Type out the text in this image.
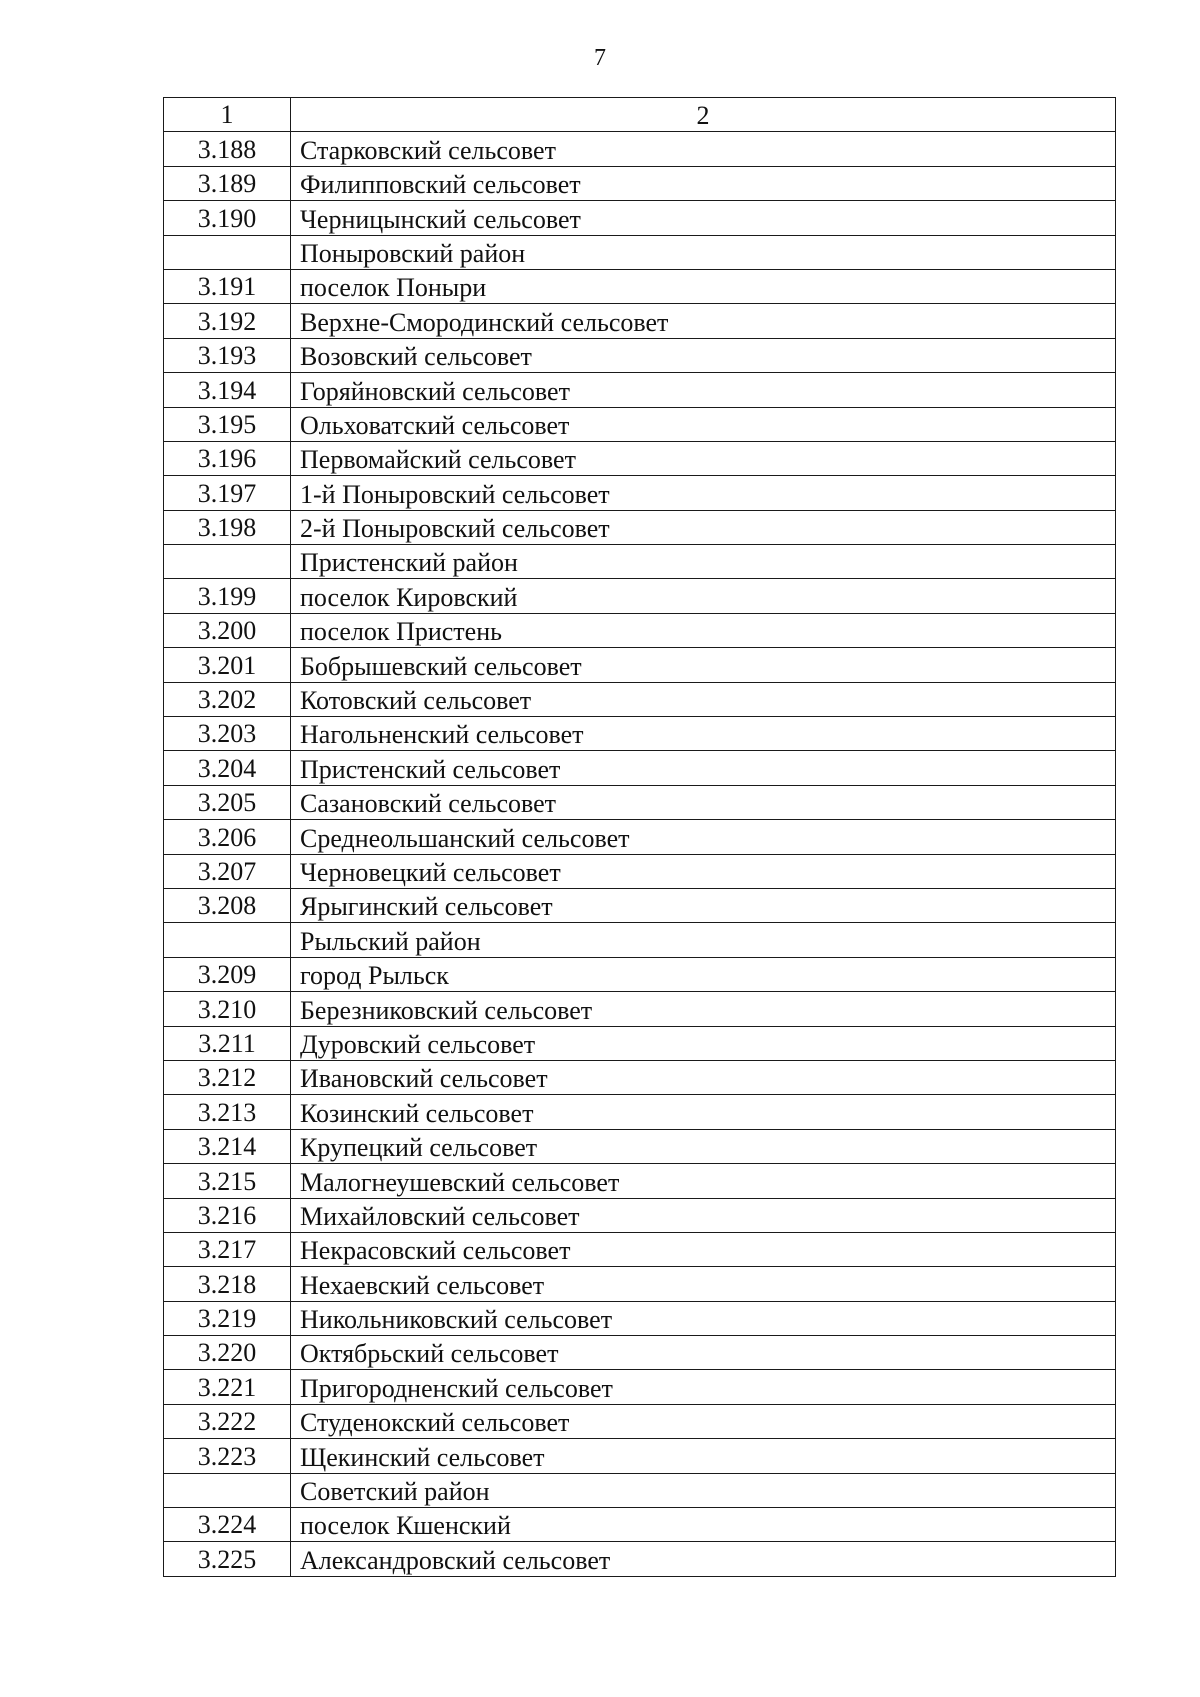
7
1	2
3.188	Старковский сельсовет
3.189	Филипповский сельсовет
3.190	Черницынский сельсовет
	Поныровский район
3.191	поселок Поныри
3.192	Верхне-Смородинский сельсовет
3.193	Возовский сельсовет
3.194	Горяйновский сельсовет
3.195	Ольховатский сельсовет
3.196	Первомайский сельсовет
3.197	1-й Поныровский сельсовет
3.198	2-й Поныровский сельсовет
	Пристенский район
3.199	поселок Кировский
3.200	поселок Пристень
3.201	Бобрышевский сельсовет
3.202	Котовский сельсовет
3.203	Нагольненский сельсовет
3.204	Пристенский сельсовет
3.205	Сазановский сельсовет
3.206	Среднеольшанский сельсовет
3.207	Черновецкий сельсовет
3.208	Ярыгинский сельсовет
	Рыльский район
3.209	город Рыльск
3.210	Березниковский сельсовет
3.211	Дуровский сельсовет
3.212	Ивановский сельсовет
3.213	Козинский сельсовет
3.214	Крупецкий сельсовет
3.215	Малогнеушевский сельсовет
3.216	Михайловский сельсовет
3.217	Некрасовский сельсовет
3.218	Нехаевский сельсовет
3.219	Никольниковский сельсовет
3.220	Октябрьский сельсовет
3.221	Пригородненский сельсовет
3.222	Студенокский сельсовет
3.223	Щекинский сельсовет
	Советский район
3.224	поселок Кшенский
3.225	Александровский сельсовет
